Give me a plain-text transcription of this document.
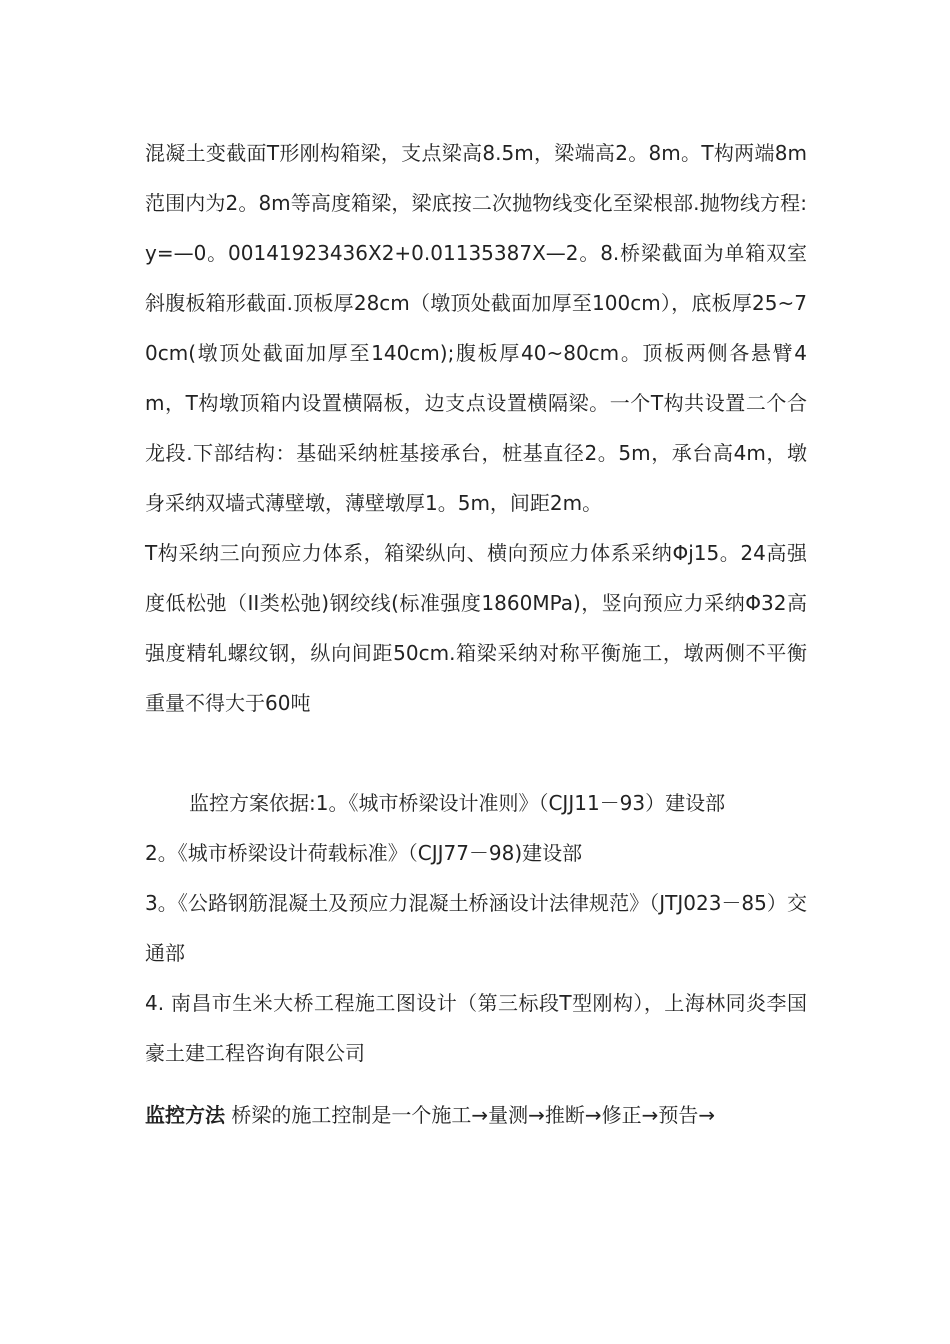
混凝土变截面T形刚构箱梁，支点梁高8.5m，梁端高2。8m。T构两端8m范围内为2。8m等高度箱梁，梁底按二次抛物线变化至梁根部.抛物线方程:y=—0。00141923436X2+0.01135387X—2。8.桥梁截面为单箱双室斜腹板箱形截面.顶板厚28cm（墩顶处截面加厚至100cm），底板厚25~70cm(墩顶处截面加厚至140cm);腹板厚40~80cm。顶板两侧各悬臂4m，T构墩顶箱内设置横隔板，边支点设置横隔梁。一个T构共设置二个合龙段.下部结构：基础采纳桩基接承台，桩基直径2。5m，承台高4m，墩身采纳双墙式薄壁墩，薄壁墩厚1。5m，间距2m。

T构采纳三向预应力体系，箱梁纵向、横向预应力体系采纳Φj15。24高强度低松弛（II类松弛)钢绞线(标准强度1860MPa)，竖向预应力采纳Φ32高强度精轧螺纹钢，纵向间距50cm.箱梁采纳对称平衡施工，墩两侧不平衡重量不得大于60吨

监控方案依据:1。《城市桥梁设计准则》（CJJ11－93）建设部

2。《城市桥梁设计荷载标准》（CJJ77－98)建设部

3。《公路钢筋混凝土及预应力混凝土桥涵设计法律规范》（JTJ023－85）交通部

4. 南昌市生米大桥工程施工图设计（第三标段T型刚构），上海林同炎李国豪土建工程咨询有限公司

监控方法 桥梁的施工控制是一个施工→量测→推断→修正→预告→
